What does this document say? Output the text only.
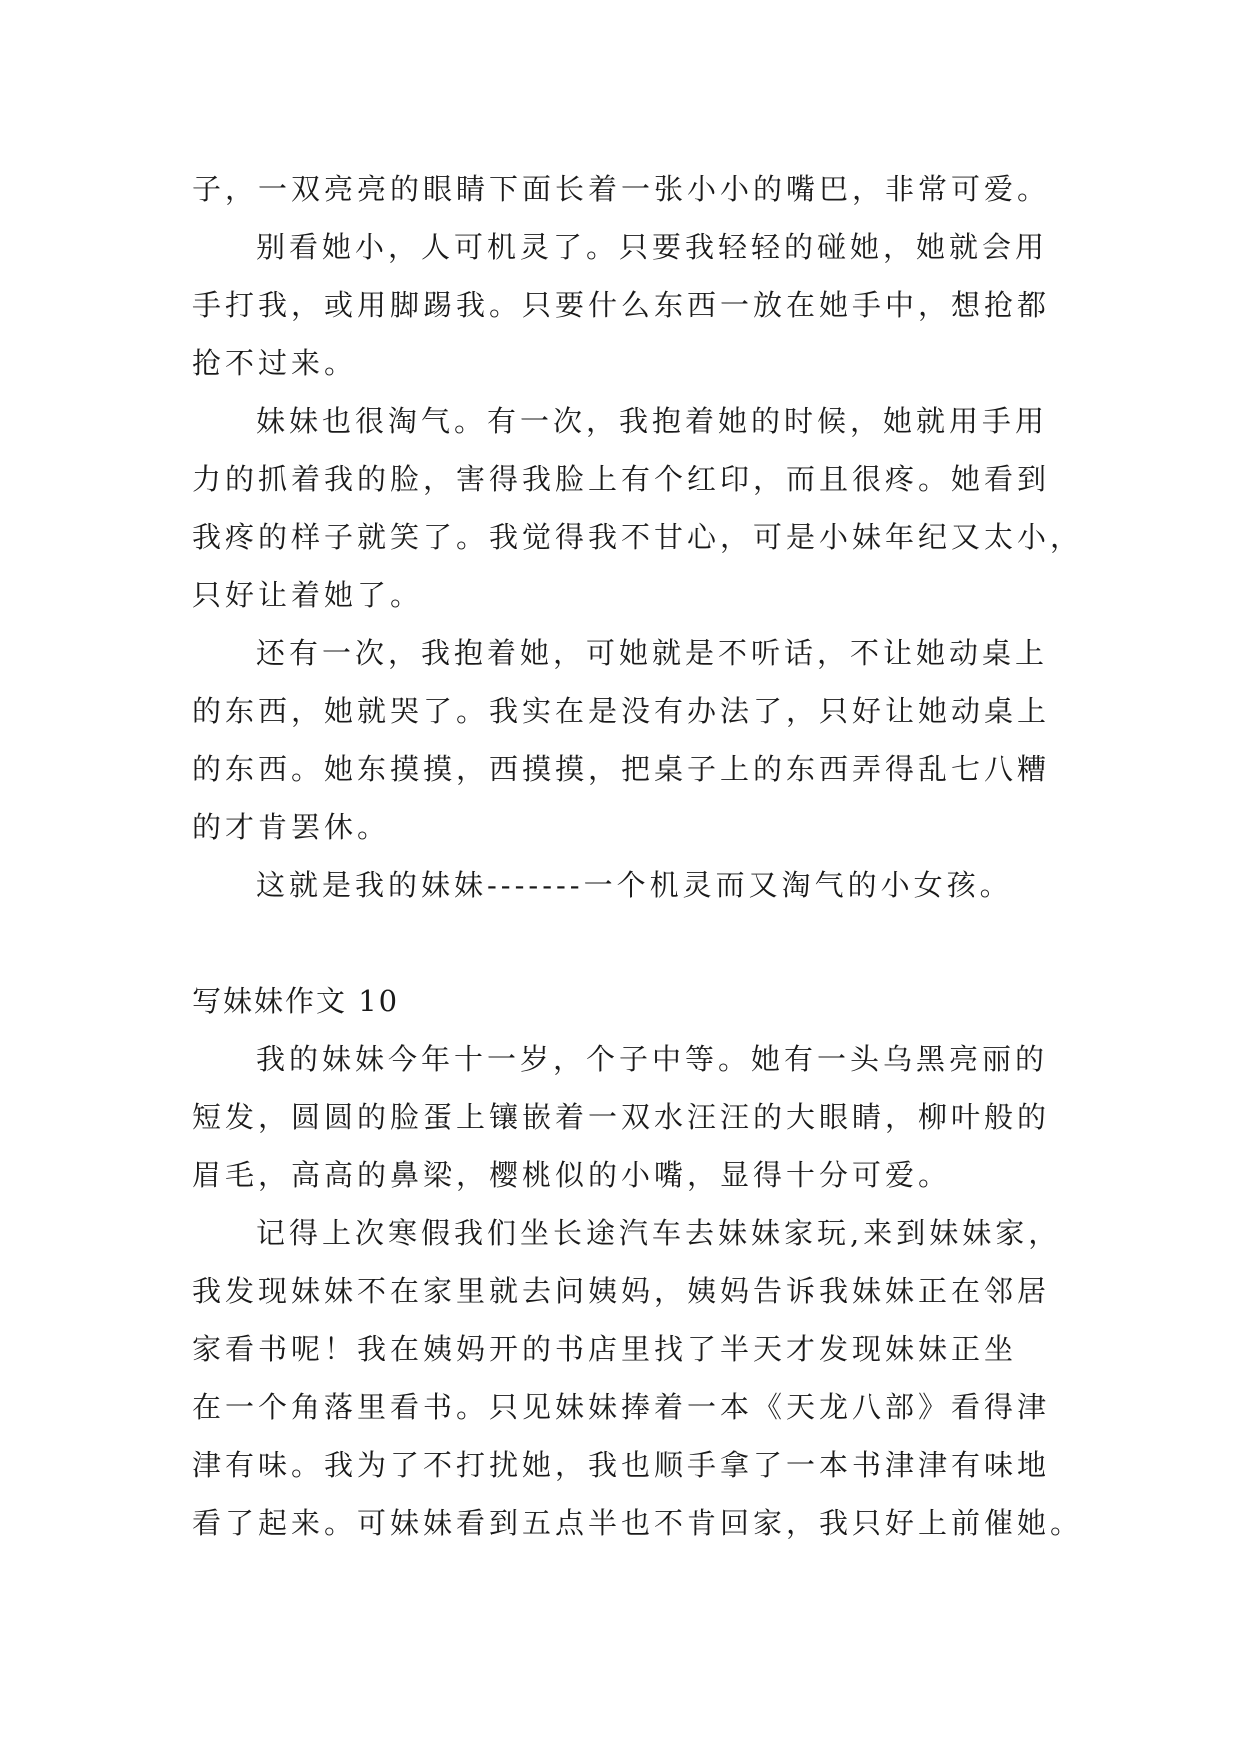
子，一双亮亮的眼睛下面长着一张小小的嘴巴，非常可爱。
别看她小，人可机灵了。只要我轻轻的碰她，她就会用
手打我，或用脚踢我。只要什么东西一放在她手中，想抢都
抢不过来。
妹妹也很淘气。有一次，我抱着她的时候，她就用手用
力的抓着我的脸，害得我脸上有个红印，而且很疼。她看到
我疼的样子就笑了。我觉得我不甘心，可是小妹年纪又太小，
只好让着她了。
还有一次，我抱着她，可她就是不听话，不让她动桌上
的东西，她就哭了。我实在是没有办法了，只好让她动桌上
的东西。她东摸摸，西摸摸，把桌子上的东西弄得乱七八糟
的才肯罢休。
这就是我的妹妹-------一个机灵而又淘气的小女孩。
写妹妹作文 10
我的妹妹今年十一岁，个子中等。她有一头乌黑亮丽的
短发，圆圆的脸蛋上镶嵌着一双水汪汪的大眼睛，柳叶般的
眉毛，高高的鼻梁，樱桃似的小嘴，显得十分可爱。
记得上次寒假我们坐长途汽车去妹妹家玩,来到妹妹家，
我发现妹妹不在家里就去问姨妈，姨妈告诉我妹妹正在邻居
家看书呢！我在姨妈开的书店里找了半天才发现妹妹正坐
在一个角落里看书。只见妹妹捧着一本《天龙八部》看得津
津有味。我为了不打扰她，我也顺手拿了一本书津津有味地
看了起来。可妹妹看到五点半也不肯回家，我只好上前催她。
